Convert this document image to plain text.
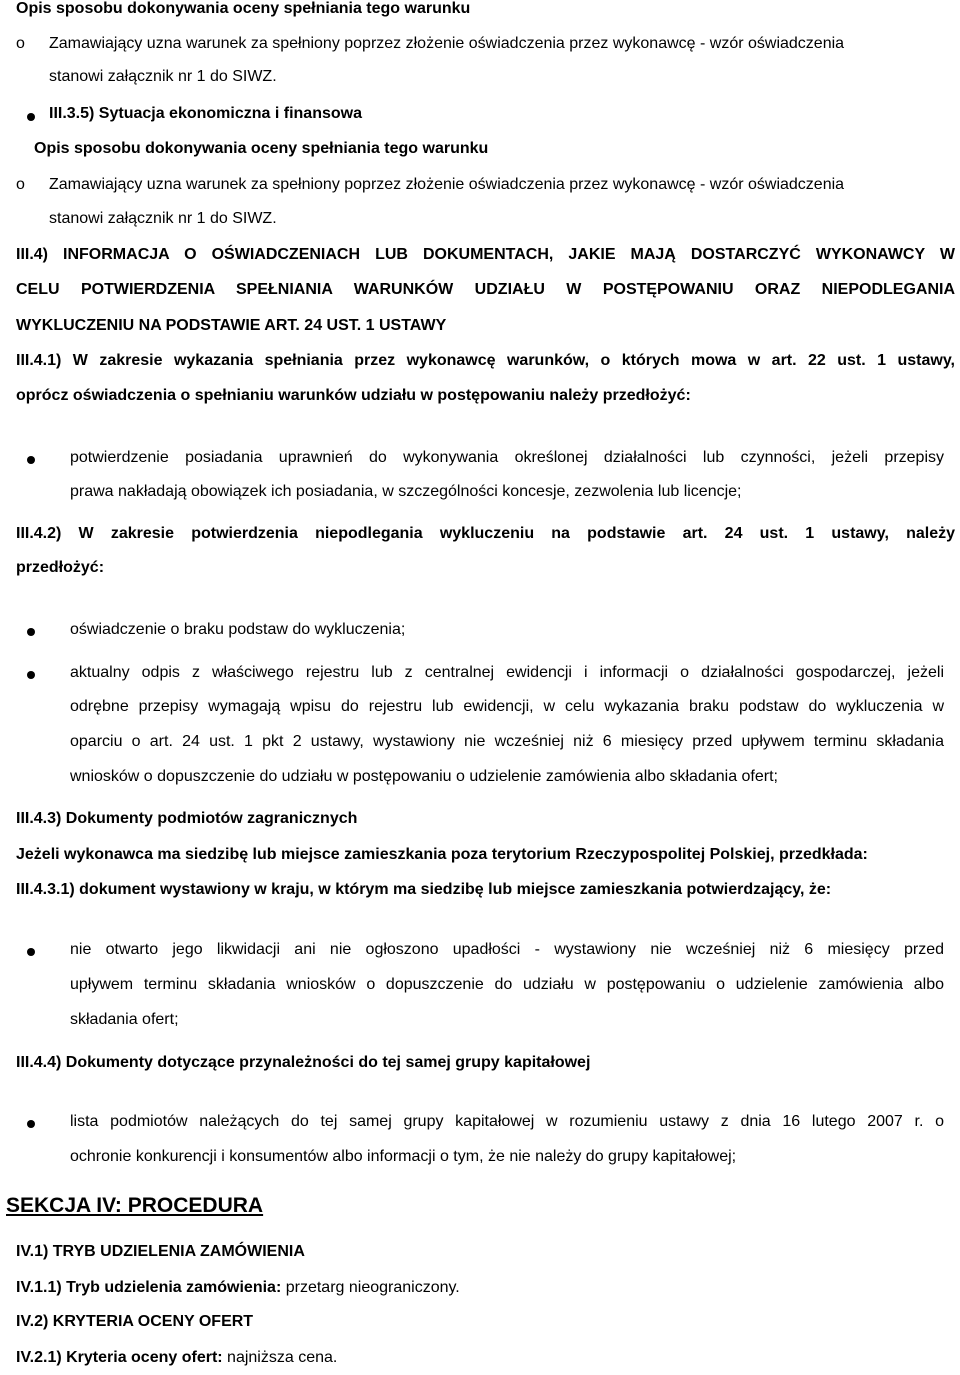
Opis sposobu dokonywania oceny spełniania tego warunku
o Zamawiający uzna warunek za spełniony poprzez złożenie oświadczenia przez wykonawcę - wzór oświadczenia
stanowi załącznik nr 1 do SIWZ.
III.3.5) Sytuacja ekonomiczna i finansowa
Opis sposobu dokonywania oceny spełniania tego warunku
o Zamawiający uzna warunek za spełniony poprzez złożenie oświadczenia przez wykonawcę - wzór oświadczenia
stanowi załącznik nr 1 do SIWZ.
III.4) INFORMACJA O OŚWIADCZENIACH LUB DOKUMENTACH, JAKIE MAJĄ DOSTARCZYĆ WYKONAWCY W
CELU POTWIERDZENIA SPEŁNIANIA WARUNKÓW UDZIAŁU W POSTĘPOWANIU ORAZ NIEPODLEGANIA
WYKLUCZENIU NA PODSTAWIE ART. 24 UST. 1 USTAWY
III.4.1) W zakresie wykazania spełniania przez wykonawcę warunków, o których mowa w art. 22 ust. 1 ustawy,
oprócz oświadczenia o spełnianiu warunków udziału w postępowaniu należy przedłożyć:
potwierdzenie posiadania uprawnień do wykonywania określonej działalności lub czynności, jeżeli przepisy
prawa nakładają obowiązek ich posiadania, w szczególności koncesje, zezwolenia lub licencje;
III.4.2) W zakresie potwierdzenia niepodlegania wykluczeniu na podstawie art. 24 ust. 1 ustawy, należy
przedłożyć:
oświadczenie o braku podstaw do wykluczenia;
aktualny odpis z właściwego rejestru lub z centralnej ewidencji i informacji o działalności gospodarczej, jeżeli
odrębne przepisy wymagają wpisu do rejestru lub ewidencji, w celu wykazania braku podstaw do wykluczenia w
oparciu o art. 24 ust. 1 pkt 2 ustawy, wystawiony nie wcześniej niż 6 miesięcy przed upływem terminu składania
wniosków o dopuszczenie do udziału w postępowaniu o udzielenie zamówienia albo składania ofert;
III.4.3) Dokumenty podmiotów zagranicznych
Jeżeli wykonawca ma siedzibę lub miejsce zamieszkania poza terytorium Rzeczypospolitej Polskiej, przedkłada:
III.4.3.1) dokument wystawiony w kraju, w którym ma siedzibę lub miejsce zamieszkania potwierdzający, że:
nie otwarto jego likwidacji ani nie ogłoszono upadłości - wystawiony nie wcześniej niż 6 miesięcy przed
upływem terminu składania wniosków o dopuszczenie do udziału w postępowaniu o udzielenie zamówienia albo
składania ofert;
III.4.4) Dokumenty dotyczące przynależności do tej samej grupy kapitałowej
lista podmiotów należących do tej samej grupy kapitałowej w rozumieniu ustawy z dnia 16 lutego 2007 r. o
ochronie konkurencji i konsumentów albo informacji o tym, że nie należy do grupy kapitałowej;
SEKCJA IV: PROCEDURA
IV.1) TRYB UDZIELENIA ZAMÓWIENIA
IV.1.1) Tryb udzielenia zamówienia: przetarg nieograniczony.
IV.2) KRYTERIA OCENY OFERT
IV.2.1) Kryteria oceny ofert: najniższa cena.
